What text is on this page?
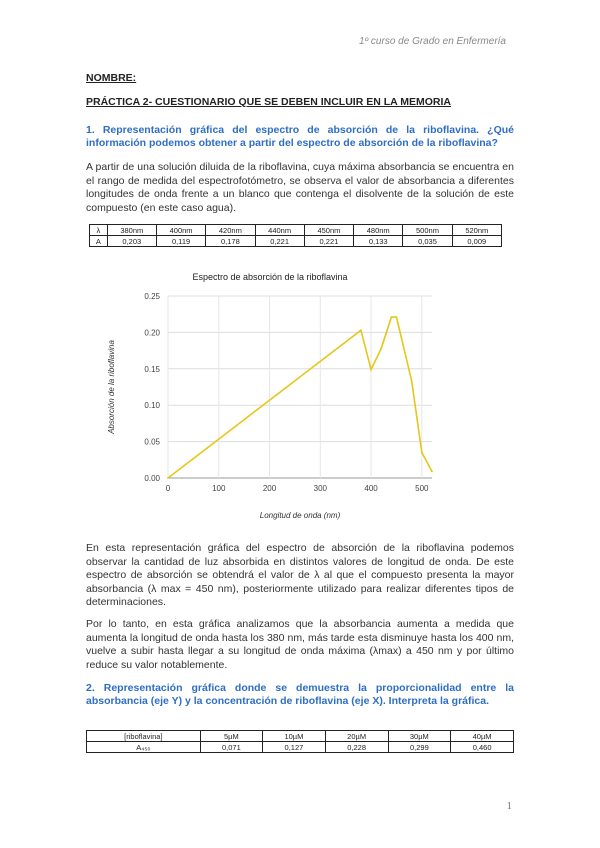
1º curso de Grado en Enfermería
NOMBRE:
PRÁCTICA 2- CUESTIONARIO QUE SE DEBEN INCLUIR EN LA MEMORIA
1. Representación gráfica del espectro de absorción de la riboflavina. ¿Qué información podemos obtener a partir del espectro de absorción de la riboflavina?
A partir de una solución diluida de la riboflavina, cuya máxima absorbancia se encuentra en el rango de medida del espectrofotómetro, se observa el valor de absorbancia a diferentes longitudes de onda frente a un blanco que contenga el disolvente de la solución de este compuesto (en este caso agua).
λ	380nm	400nm	420nm	440nm	450nm	480nm	500nm	520nm
A	0,203	0,119	0,178	0,221	0,221	0,133	0,035	0,009
Espectro de absorción de la riboflavina
0.00
0.05
0.10
0.15
0.20
0.25
0	100	200	300	400	500
Longitud de onda (nm)
Absorción de la riboflavina
En esta representación gráfica del espectro de absorción de la riboflavina podemos observar la cantidad de luz absorbida en distintos valores de longitud de onda. De este espectro de absorción se obtendrá el valor de λ al que el compuesto presenta la mayor absorbancia (λ max = 450 nm), posteriormente utilizado para realizar diferentes tipos de determinaciones.
Por lo tanto, en esta gráfica analizamos que la absorbancia aumenta a medida que aumenta la longitud de onda hasta los 380 nm, más tarde esta disminuye hasta los 400 nm, vuelve a subir hasta llegar a su longitud de onda máxima (λmax) a 450 nm y por último reduce su valor notablemente.
2. Representación gráfica donde se demuestra la proporcionalidad entre la absorbancia (eje Y) y la concentración de riboflavina (eje X). Interpreta la gráfica.
[riboflavina]	5µM	10µM	20µM	30µM	40µM
A₄₅₀	0,071	0,127	0,228	0,299	0,460
1
